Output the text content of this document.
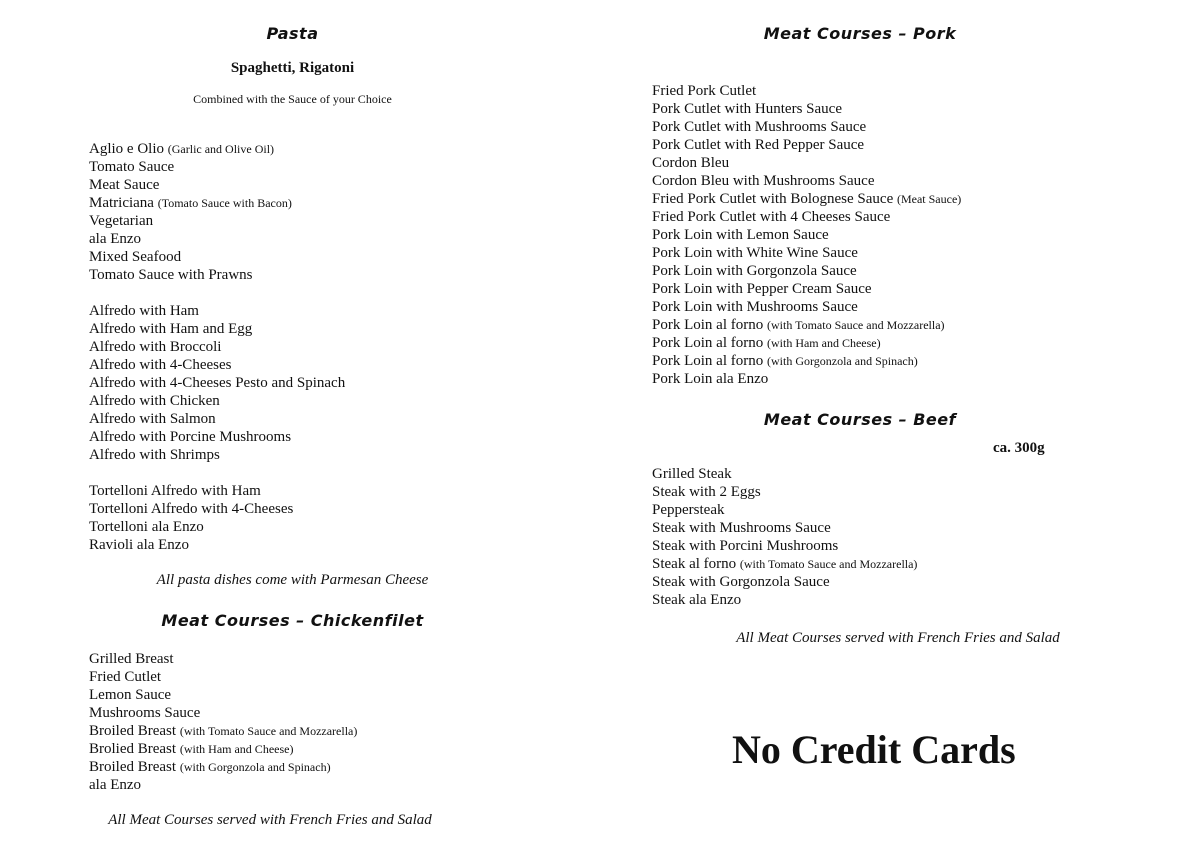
Pasta
Spaghetti, Rigatoni
Combined with the Sauce of your Choice
Aglio e Olio (Garlic and Olive Oil)
Tomato Sauce
Meat Sauce
Matriciana (Tomato Sauce with Bacon)
Vegetarian
ala Enzo
Mixed Seafood
Tomato Sauce with Prawns
Alfredo with Ham
Alfredo with Ham and Egg
Alfredo with Broccoli
Alfredo with 4-Cheeses
Alfredo with 4-Cheeses Pesto and Spinach
Alfredo with Chicken
Alfredo with Salmon
Alfredo with Porcine Mushrooms
Alfredo with Shrimps
Tortelloni Alfredo with Ham
Tortelloni Alfredo with 4-Cheeses
Tortelloni ala Enzo
Ravioli ala Enzo
All pasta dishes come with Parmesan Cheese
Meat Courses – Chickenfilet
Grilled Breast
Fried Cutlet
Lemon Sauce
Mushrooms Sauce
Broiled Breast (with Tomato Sauce and Mozzarella)
Brolied Breast (with Ham and Cheese)
Broiled Breast (with Gorgonzola and Spinach)
ala Enzo
All Meat Courses served with French Fries and Salad
Meat Courses – Pork
Fried Pork Cutlet
Pork Cutlet with Hunters Sauce
Pork Cutlet with Mushrooms Sauce
Pork Cutlet with Red Pepper Sauce
Cordon Bleu
Cordon Bleu with Mushrooms Sauce
Fried Pork Cutlet with Bolognese Sauce (Meat Sauce)
Fried Pork Cutlet with 4 Cheeses Sauce
Pork Loin with Lemon Sauce
Pork Loin with White Wine Sauce
Pork Loin with Gorgonzola Sauce
Pork Loin with Pepper Cream Sauce
Pork Loin with Mushrooms Sauce
Pork Loin al forno (with Tomato Sauce and Mozzarella)
Pork Loin al forno (with Ham and Cheese)
Pork Loin al forno (with Gorgonzola and Spinach)
Pork Loin ala Enzo
Meat Courses – Beef
ca. 300g
Grilled Steak
Steak with 2 Eggs
Peppersteak
Steak with Mushrooms Sauce
Steak with Porcini Mushrooms
Steak al forno (with Tomato Sauce and Mozzarella)
Steak with Gorgonzola Sauce
Steak ala Enzo
All Meat Courses served with French Fries and Salad
No Credit Cards
